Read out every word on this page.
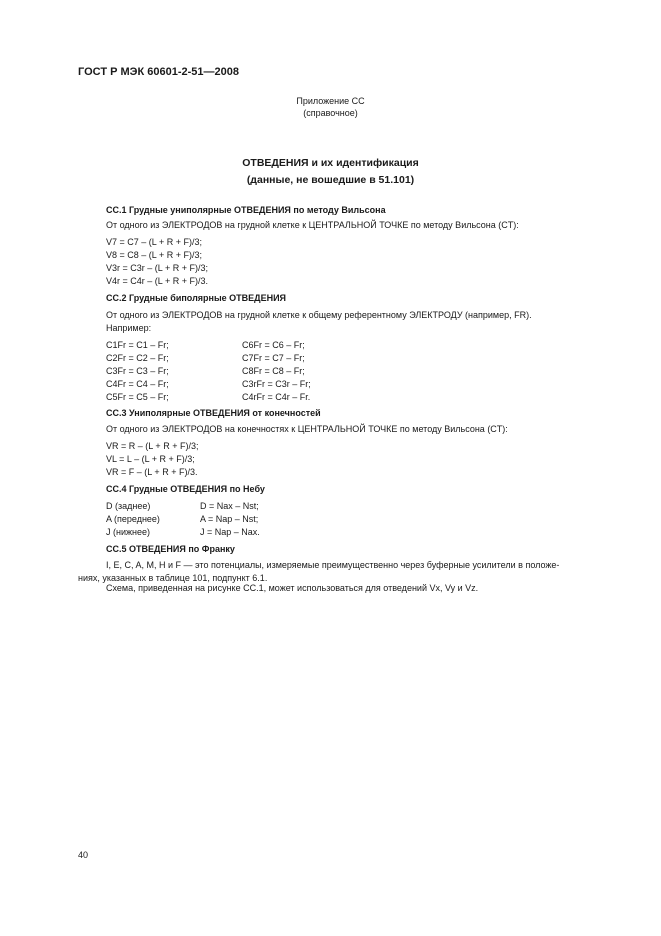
ГОСТ Р МЭК 60601-2-51—2008
Приложение CC
(справочное)
ОТВЕДЕНИЯ и их идентификация
(данные, не вошедшие в 51.101)
CC.1 Грудные униполярные ОТВЕДЕНИЯ по методу Вильсона
От одного из ЭЛЕКТРОДОВ на грудной клетке к ЦЕНТРАЛЬНОЙ ТОЧКЕ по методу Вильсона (CT):
V7 = C7 – (L + R + F)/3;
V8 = C8 – (L + R + F)/3;
V3r = C3r – (L + R + F)/3;
V4r = C4r – (L + R + F)/3.
CC.2 Грудные биполярные ОТВЕДЕНИЯ
От одного из ЭЛЕКТРОДОВ на грудной клетке к общему референтному ЭЛЕКТРОДУ (например, FR).
Например:
C1Fr = C1 – Fr;
C2Fr = C2 – Fr;
C3Fr = C3 – Fr;
C4Fr = C4 – Fr;
C5Fr = C5 – Fr;
C6Fr = C6 – Fr;
C7Fr = C7 – Fr;
C8Fr = C8 – Fr;
C3rFr = C3r – Fr;
C4rFr = C4r – Fr.
CC.3 Униполярные ОТВЕДЕНИЯ от конечностей
От одного из ЭЛЕКТРОДОВ на конечностях к ЦЕНТРАЛЬНОЙ ТОЧКЕ по методу Вильсона (CT):
VR = R – (L + R + F)/3;
VL = L – (L + R + F)/3;
VR = F – (L + R + F)/3.
CC.4 Грудные ОТВЕДЕНИЯ по Небу
D (заднее)
A (переднее)
J (нижнее)
D = Nax – Nst;
A = Nap – Nst;
J = Nap – Nax.
CC.5 ОТВЕДЕНИЯ по Франку
I, E, C, A, M, H и F — это потенциалы, измеряемые преимущественно через буферные усилители в положе-
ниях, указанных в таблице 101, подпункт 6.1.
Схема, приведенная на рисунке CC.1, может использоваться для отведений Vx, Vy и Vz.
40
